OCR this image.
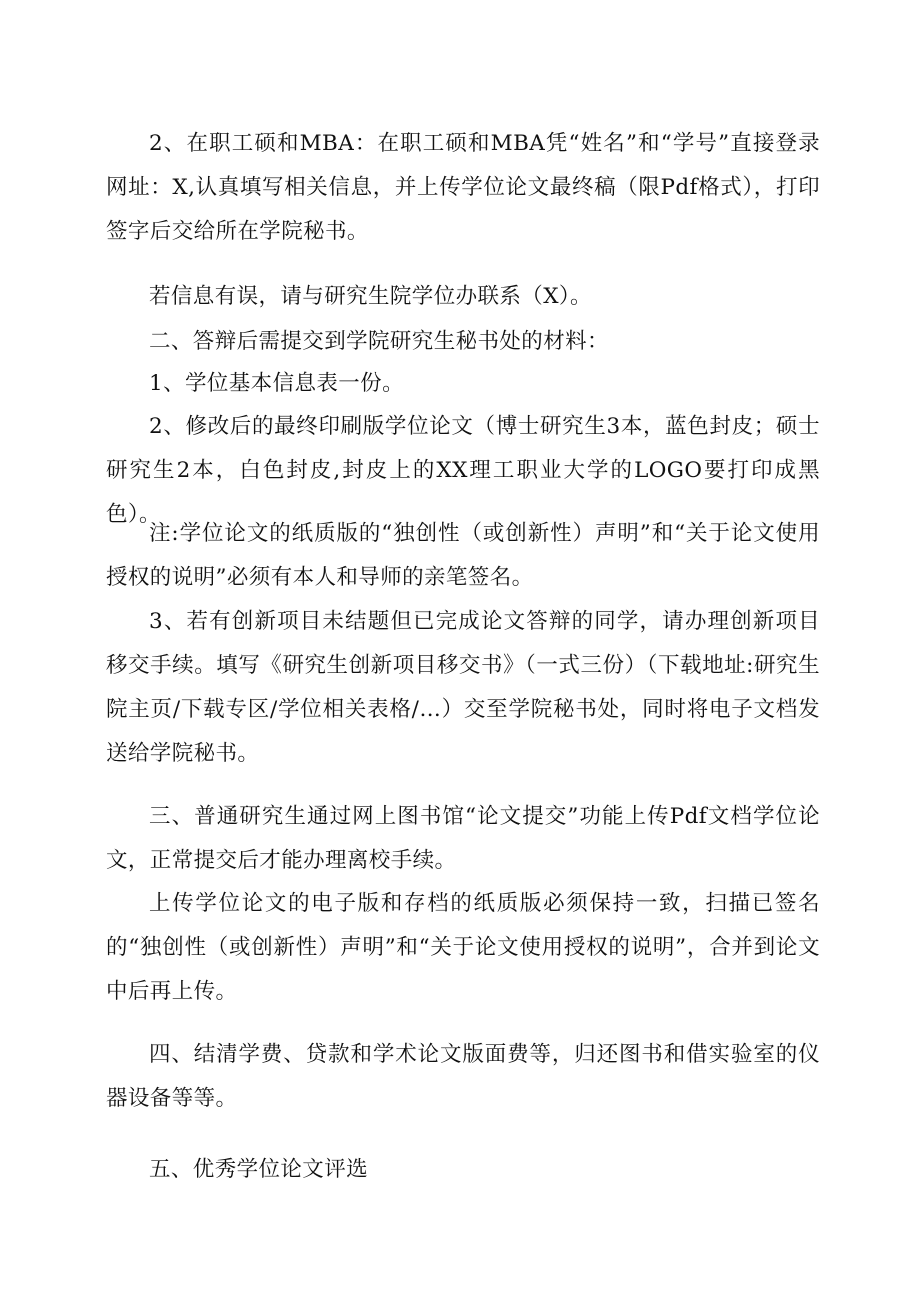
2、在职工硕和MBA：在职工硕和MBA凭“姓名”和“学号”直接登录网址：X,认真填写相关信息，并上传学位论文最终稿（限Pdf格式），打印签字后交给所在学院秘书。

若信息有误，请与研究生院学位办联系（X）。

二、答辩后需提交到学院研究生秘书处的材料：

1、学位基本信息表一份。

2、修改后的最终印刷版学位论文（博士研究生3本，蓝色封皮；硕士研究生2本，白色封皮,封皮上的XX理工职业大学的LOGO要打印成黑色）。

注:学位论文的纸质版的“独创性（或创新性）声明”和“关于论文使用授权的说明”必须有本人和导师的亲笔签名。

3、若有创新项目未结题但已完成论文答辩的同学，请办理创新项目移交手续。填写《研究生创新项目移交书》（一式三份）（下载地址:研究生院主页/下载专区/学位相关表格/…）交至学院秘书处，同时将电子文档发送给学院秘书。

三、普通研究生通过网上图书馆“论文提交”功能上传Pdf文档学位论文，正常提交后才能办理离校手续。

上传学位论文的电子版和存档的纸质版必须保持一致，扫描已签名的“独创性（或创新性）声明”和“关于论文使用授权的说明”，合并到论文中后再上传。

四、结清学费、贷款和学术论文版面费等，归还图书和借实验室的仪器设备等等。

五、优秀学位论文评选
